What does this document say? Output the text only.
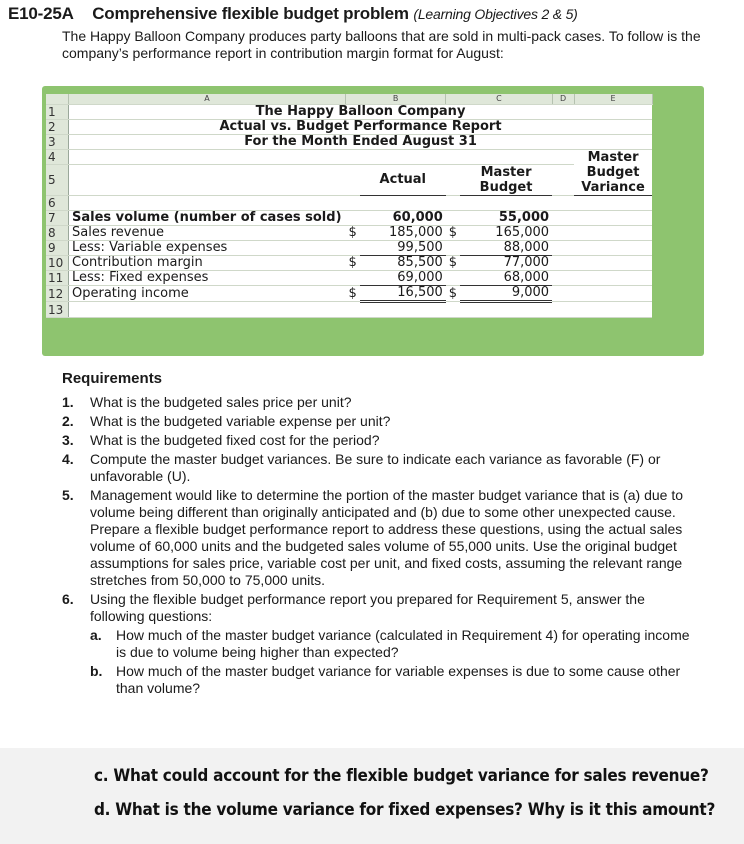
E10-25A Comprehensive flexible budget problem (Learning Objectives 2 & 5)
The Happy Balloon Company produces party balloons that are sold in multi-pack cases. To follow is the company’s performance report in contribution margin format for August:
	A	B		C		D	E
1	The Happy Balloon Company						
2	Actual vs. Budget Performance Report						
3	For the Month Ended August 31						
4							Master Budget Variance
5			Actual		Master Budget		
6							
7	Sales volume (number of cases sold)		60,000		55,000		
8	Sales revenue	$	185,000	$	165,000		
9	Less: Variable expenses		99,500		88,000		
10	Contribution margin	$	85,500	$	77,000		
11	Less: Fixed expenses		69,000		68,000		
12	Operating income	$	16,500	$	9,000		
13							
Requirements
1. What is the budgeted sales price per unit?
2. What is the budgeted variable expense per unit?
3. What is the budgeted fixed cost for the period?
4. Compute the master budget variances. Be sure to indicate each variance as favorable (F) or unfavorable (U).
5. Management would like to determine the portion of the master budget variance that is (a) due to volume being different than originally anticipated and (b) due to some other unexpected cause. Prepare a flexible budget performance report to address these questions, using the actual sales volume of 60,000 units and the budgeted sales volume of 55,000 units. Use the original budget assumptions for sales price, variable cost per unit, and fixed costs, assuming the relevant range stretches from 50,000 to 75,000 units.
6. Using the flexible budget performance report you prepared for Requirement 5, answer the following questions:
a. How much of the master budget variance (calculated in Requirement 4) for operating income is due to volume being higher than expected?
b. How much of the master budget variance for variable expenses is due to some cause other than volume?
c. What could account for the flexible budget variance for sales revenue?
d. What is the volume variance for fixed expenses? Why is it this amount?
